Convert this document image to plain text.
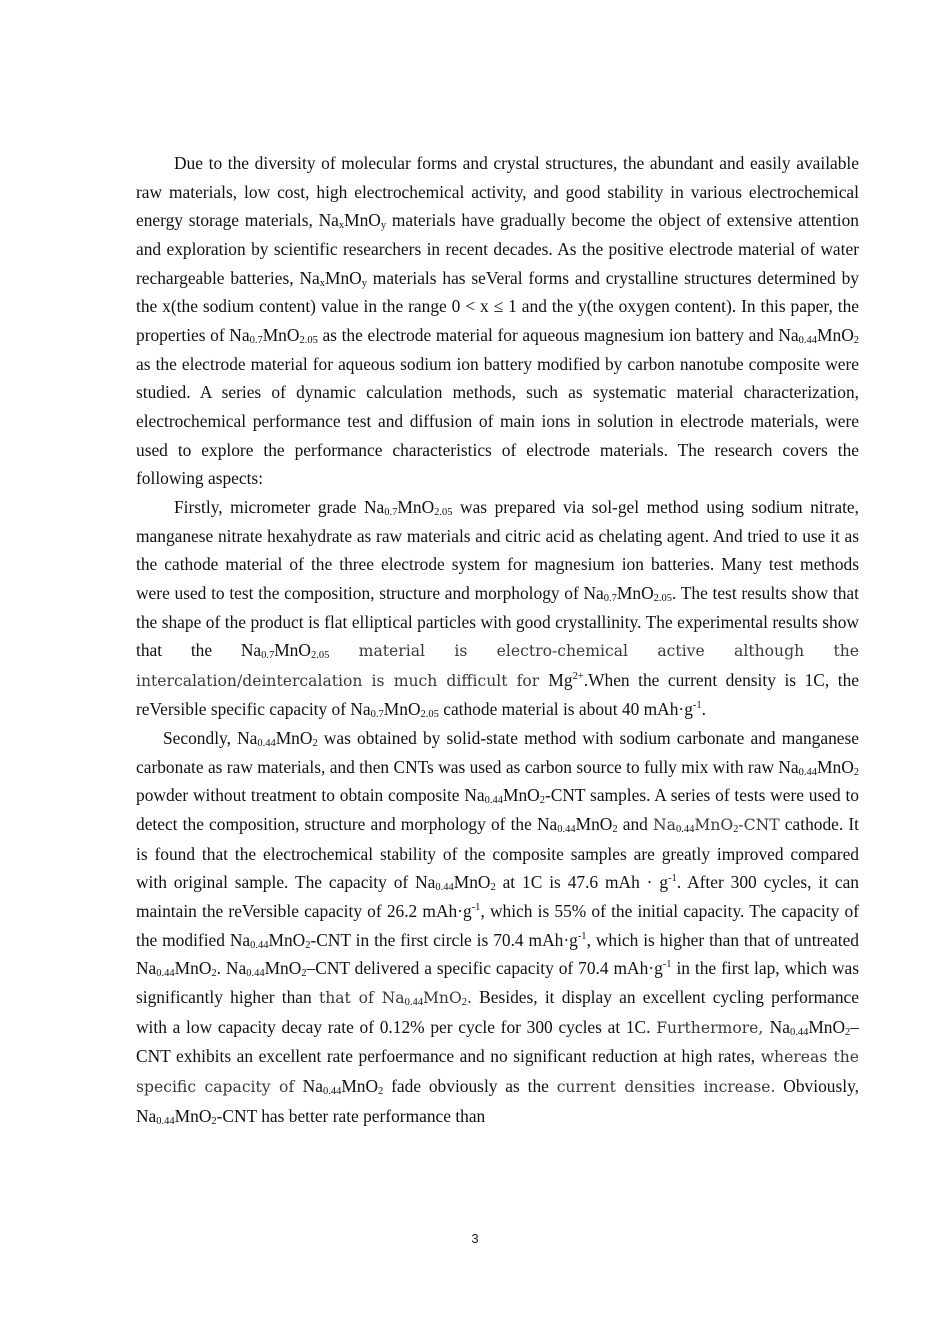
Due to the diversity of molecular forms and crystal structures, the abundant and easily available raw materials, low cost, high electrochemical activity, and good stability in various electrochemical energy storage materials, $Na_xMnO_y$ materials have gradually become the object of extensive attention and exploration by scientific researchers in recent decades. As the positive electrode material of water rechargeable batteries, $Na_xMnO_y$ materials has seVeral forms and crystalline structures determined by the x(the sodium content) value in the range 0 < x ≤ 1 and the y(the oxygen content). In this paper, the properties of $Na_{0.7}MnO_{2.05}$ as the electrode material for aqueous magnesium ion battery and $Na_{0.44}MnO_2$ as the electrode material for aqueous sodium ion battery modified by carbon nanotube composite were studied. A series of dynamic calculation methods, such as systematic material characterization, electrochemical performance test and diffusion of main ions in solution in electrode materials, were used to explore the performance characteristics of electrode materials. The research covers the following aspects:

Firstly, micrometer grade $Na_{0.7}MnO_{2.05}$ was prepared via sol-gel method using sodium nitrate, manganese nitrate hexahydrate as raw materials and citric acid as chelating agent. And tried to use it as the cathode material of the three electrode system for magnesium ion batteries. Many test methods were used to test the composition, structure and morphology of $Na_{0.7}MnO_{2.05}$. The test results show that the shape of the product is flat elliptical particles with good crystallinity. The experimental results show that the $Na_{0.7}MnO_{2.05}$ material is electro-chemical active although the intercalation/deintercalation is much difficult for $Mg^{2+}.When$ the current density is 1C, the reVersible specific capacity of $Na_{0.7}MnO_{2.05}$ cathode material is about 40 $mAh\cdot g^{-1}$.

Secondly, $Na_{0.44}MnO_2$ was obtained by solid-state method with sodium carbonate and manganese carbonate as raw materials, and then CNTs was used as carbon source to fully mix with raw $Na_{0.44}MnO_2$ powder without treatment to obtain composite $Na_{0.44}MnO_2$-CNT samples. A series of tests were used to detect the composition, structure and morphology of the $Na_{0.44}MnO_2$ and $Na_{0.44}MnO_2$-CNT cathode. It is found that the electrochemical stability of the composite samples are greatly improved compared with original sample. The capacity of $Na_{0.44}MnO_2$ at 1C is 47.6 mAh · $g^{-1}$. After 300 cycles, it can maintain the reVersible capacity of 26.2 $mAh\cdot g^{-1}$, which is 55% of the initial capacity. The capacity of the modified $Na_{0.44}MnO_2$-CNT in the first circle is 70.4 $mAh\cdot g^{-1}$, which is higher than that of untreated $Na_{0.44}MnO_2$. $Na_{0.44}MnO_2$–CNT delivered a specific capacity of 70.4 $mAh\cdot g^{-1}$ in the first lap, which was significantly higher than that of $Na_{0.44}MnO_2$. Besides, it display an excellent cycling performance with a low capacity decay rate of 0.12% per cycle for 300 cycles at 1C. Furthermore, $Na_{0.44}MnO_2$–CNT exhibits an excellent rate perfoermance and no significant reduction at high rates, whereas the specific capacity of $Na_{0.44}MnO_2$ fade obviously as the current densities increase. Obviously, $Na_{0.44}MnO_2$-CNT has better rate performance than

3
